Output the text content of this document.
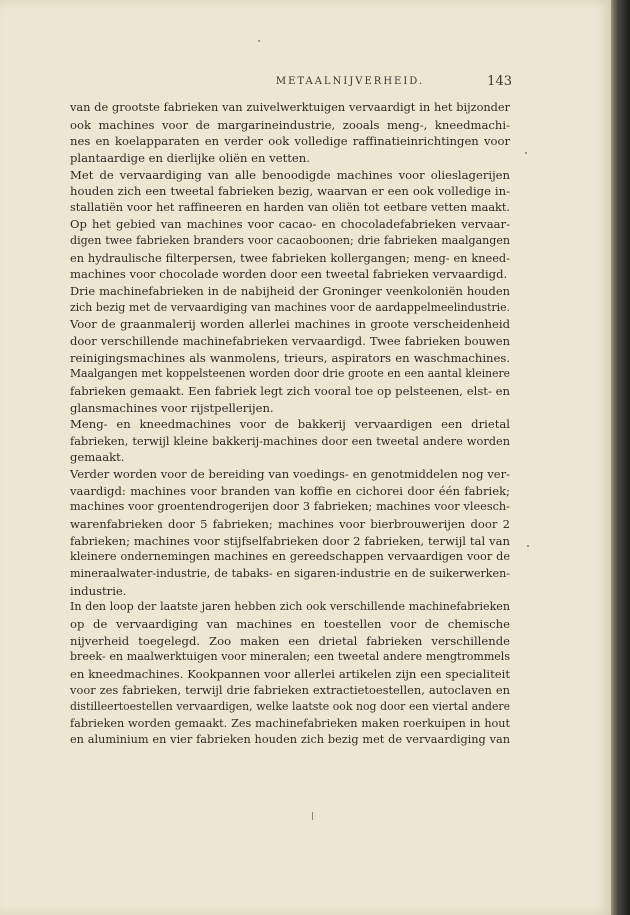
METAALNIJVERHEID.	143
van de grootste fabrieken van zuivelwerktuigen vervaardigt in het bijzonder
ook machines voor de margarineindustrie, zooals meng-, kneedmachi-
nes en koelapparaten en verder ook volledige raffinatieinrichtingen voor
plantaardige en dierlijke oliën en vetten.
Met de vervaardiging van alle benoodigde machines voor olieslagerijen
houden zich een tweetal fabrieken bezig, waarvan er een ook volledige in-
stallatiën voor het raffineeren en harden van oliën tot eetbare vetten maakt.
Op het gebied van machines voor cacao- en chocoladefabrieken vervaar-
digen twee fabrieken branders voor cacaoboonen; drie fabrieken maalgangen
en hydraulische filterpersen, twee fabrieken kollergangen; meng- en kneed-
machines voor chocolade worden door een tweetal fabrieken vervaardigd.
Drie machinefabrieken in de nabijheid der Groninger veenkoloniën houden
zich bezig met de vervaardiging van machines voor de aardappelmeelindustrie.
Voor de graanmalerij worden allerlei machines in groote verscheidenheid
door verschillende machinefabrieken vervaardigd. Twee fabrieken bouwen
reinigingsmachines als wanmolens, trieurs, aspirators en waschmachines.
Maalgangen met koppelsteenen worden door drie groote en een aantal kleinere
fabrieken gemaakt. Een fabriek legt zich vooral toe op pelsteenen, elst- en
glansmachines voor rijstpellerijen.
Meng- en kneedmachines voor de bakkerij vervaardigen een drietal
fabrieken, terwijl kleine bakkerij-machines door een tweetal andere worden
gemaakt.
Verder worden voor de bereiding van voedings- en genotmiddelen nog ver-
vaardigd: machines voor branden van koffie en cichorei door één fabriek;
machines voor groentendrogerijen door 3 fabrieken; machines voor vleesch-
warenfabrieken door 5 fabrieken; machines voor bierbrouwerijen door 2
fabrieken; machines voor stijfselfabrieken door 2 fabrieken, terwijl tal van
kleinere ondernemingen machines en gereedschappen vervaardigen voor de
mineraalwater-industrie, de tabaks- en sigaren-industrie en de suikerwerken-
industrie.
In den loop der laatste jaren hebben zich ook verschillende machinefabrieken
op de vervaardiging van machines en toestellen voor de chemische
nijverheid toegelegd. Zoo maken een drietal fabrieken verschillende
breek- en maalwerktuigen voor mineralen; een tweetal andere mengtrommels
en kneedmachines. Kookpannen voor allerlei artikelen zijn een specialiteit
voor zes fabrieken, terwijl drie fabrieken extractietoestellen, autoclaven en
distilleertoestellen vervaardigen, welke laatste ook nog door een viertal andere
fabrieken worden gemaakt. Zes machinefabrieken maken roerkuipen in hout
en aluminium en vier fabrieken houden zich bezig met de vervaardiging van
